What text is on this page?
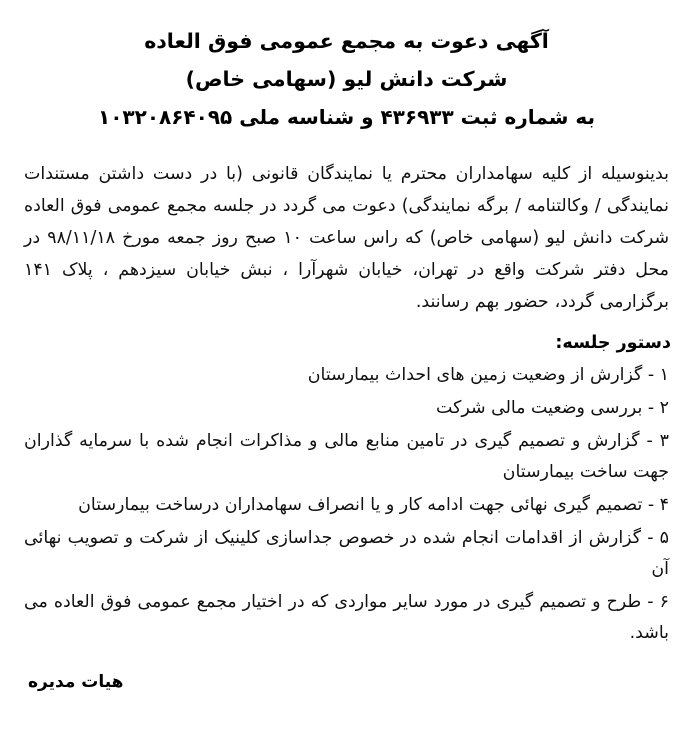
آگهی دعوت به مجمع عمومی فوق العاده
شرکت دانش لیو (سهامی خاص)
به شماره ثبت ۴۳۶۹۳۳ و شناسه ملی ۱۰۳۲۰۸۶۴۰۹۵

بدینوسیله از کلیه سهامداران محترم یا نمایندگان قانونی (با در دست داشتن مستندات نمایندگی / وکالتنامه / برگه نمایندگی) دعوت می گردد در جلسه مجمع عمومی فوق العاده شرکت دانش لیو (سهامی خاص) که راس ساعت ۱۰ صبح روز جمعه مورخ ۹۸/۱۱/۱۸ در محل دفتر شرکت واقع در تهران، خیابان شهرآرا ، نبش خیابان سیزدهم ، پلاک ۱۴۱ برگزارمی گردد، حضور بهم رسانند.

دستور جلسه:
۱ - گزارش از وضعیت زمین های احداث بیمارستان
۲ - بررسی وضعیت مالی شرکت
۳ - گزارش و تصمیم گیری در تامین منابع مالی و مذاکرات انجام شده با سرمایه گذاران جهت ساخت بیمارستان
۴ - تصمیم گیری نهائی جهت ادامه کار و یا انصراف سهامداران درساخت بیمارستان
۵ - گزارش از اقدامات انجام شده در خصوص جداسازی کلینیک از شرکت و تصویب نهائی آن
۶ - طرح و تصمیم گیری در مورد سایر مواردی که در اختیار مجمع عمومی فوق العاده می باشد.
هیات مدیره
